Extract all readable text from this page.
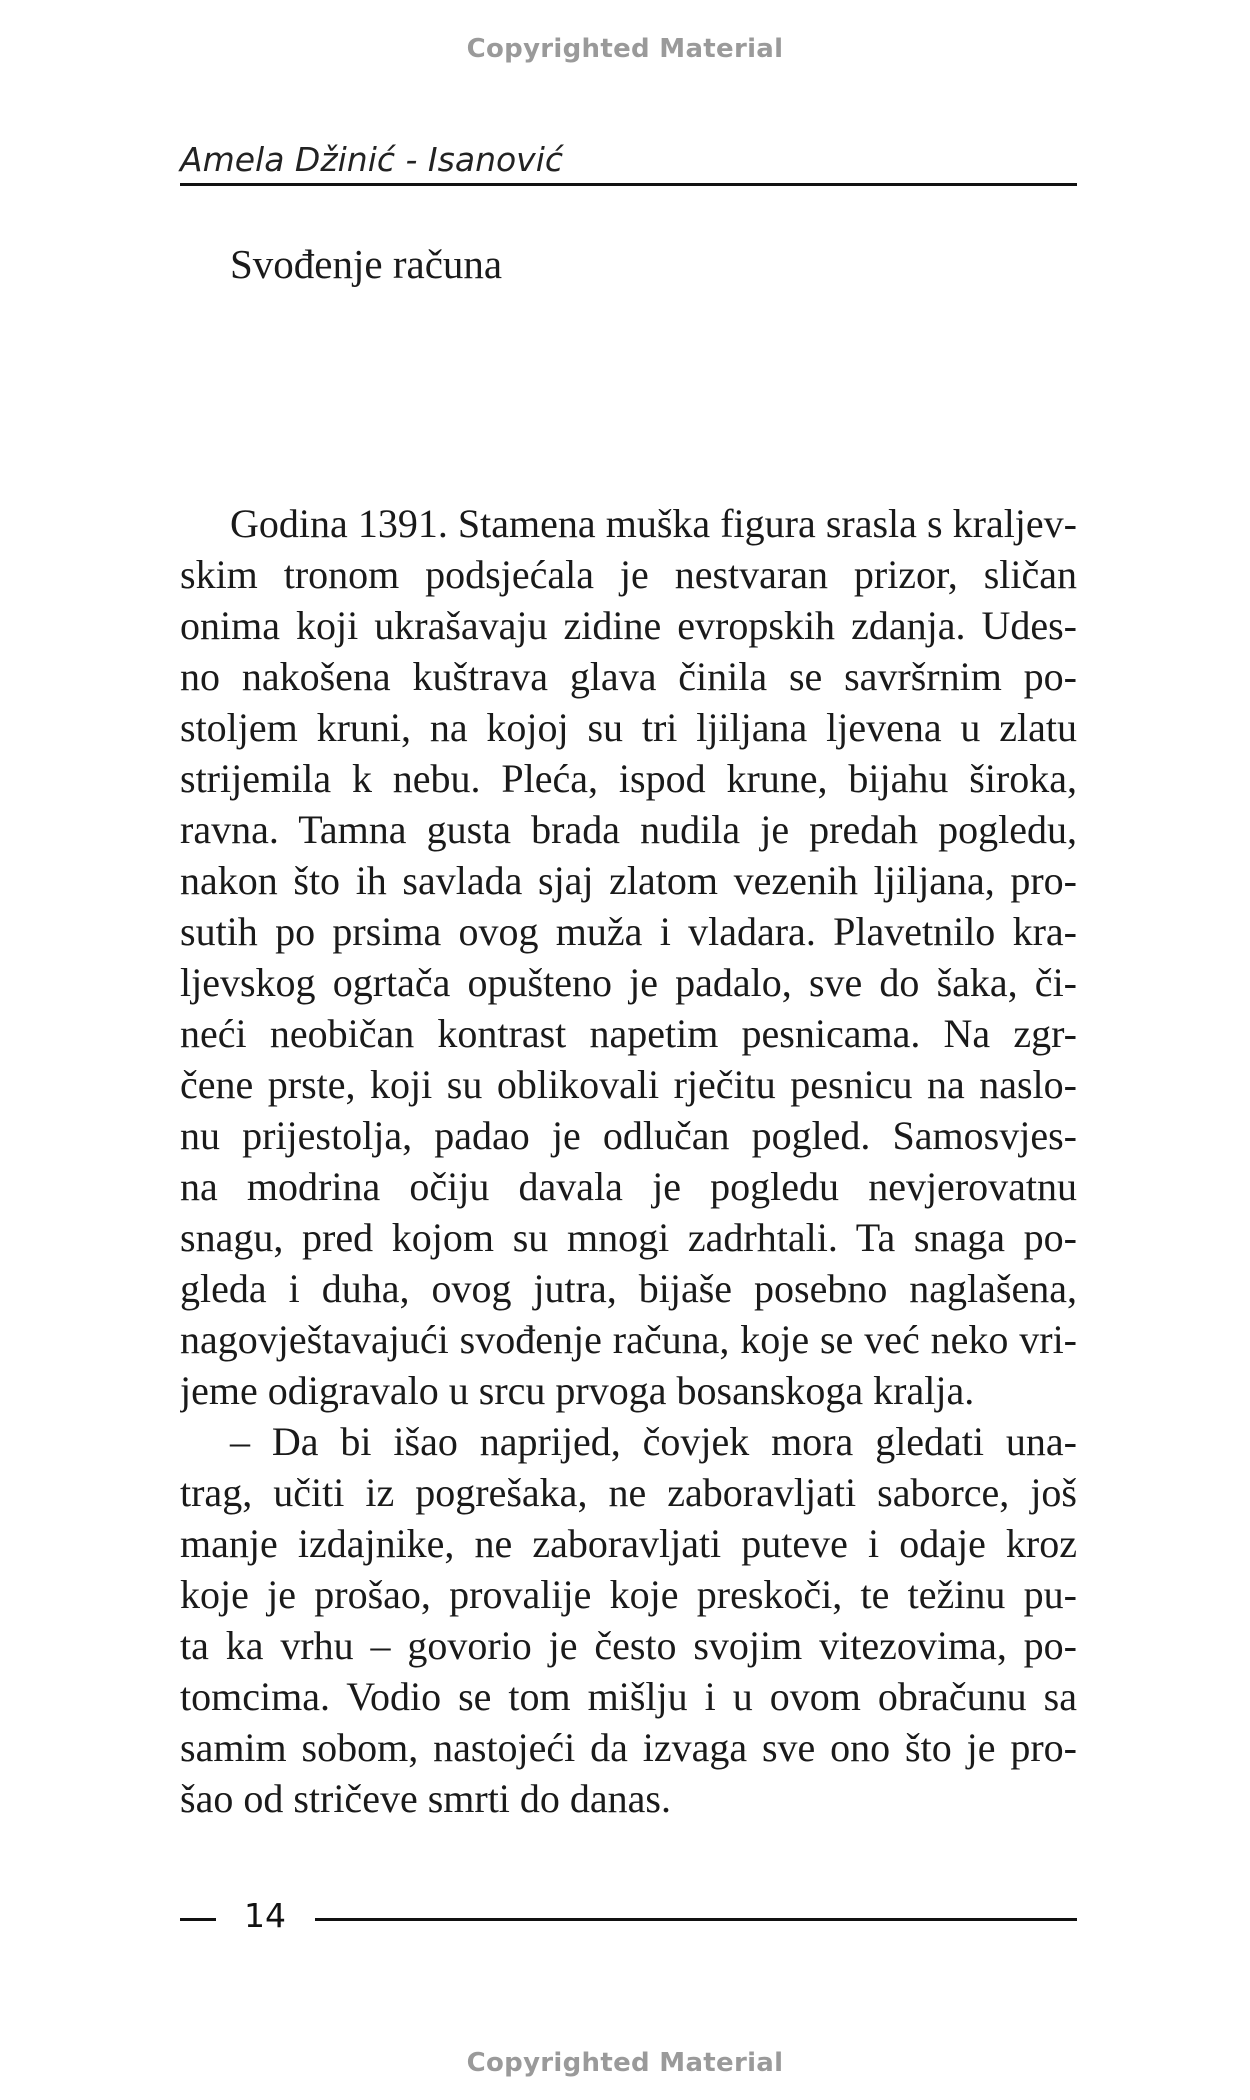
Copyrighted Material
Amela Džinić - Isanović
Svođenje računa
Godina 1391. Stamena muška figura srasla s kraljev-
skim tronom podsjećala je nestvaran prizor, sličan
onima koji ukrašavaju zidine evropskih zdanja. Udes-
no nakošena kuštrava glava činila se savršrnim po-
stoljem kruni, na kojoj su tri ljiljana ljevena u zlatu
strijemila k nebu. Pleća, ispod krune, bijahu široka,
ravna. Tamna gusta brada nudila je predah pogledu,
nakon što ih savlada sjaj zlatom vezenih ljiljana, pro-
sutih po prsima ovog muža i vladara. Plavetnilo kra-
ljevskog ogrtača opušteno je padalo, sve do šaka, či-
neći neobičan kontrast napetim pesnicama. Na zgr-
čene prste, koji su oblikovali rječitu pesnicu na naslo-
nu prijestolja, padao je odlučan pogled. Samosvjes-
na modrina očiju davala je pogledu nevjerovatnu
snagu, pred kojom su mnogi zadrhtali. Ta snaga po-
gleda i duha, ovog jutra, bijaše posebno naglašena,
nagovještavajući svođenje računa, koje se već neko vri-
jeme odigravalo u srcu prvoga bosanskoga kralja.
– Da bi išao naprijed, čovjek mora gledati una-
trag, učiti iz pogrešaka, ne zaboravljati saborce, još
manje izdajnike, ne zaboravljati puteve i odaje kroz
koje je prošao, provalije koje preskoči, te težinu pu-
ta ka vrhu – govorio je često svojim vitezovima, po-
tomcima. Vodio se tom mišlju i u ovom obračunu sa
samim sobom, nastojeći da izvaga sve ono što je pro-
šao od stričeve smrti do danas.
14
Copyrighted Material
